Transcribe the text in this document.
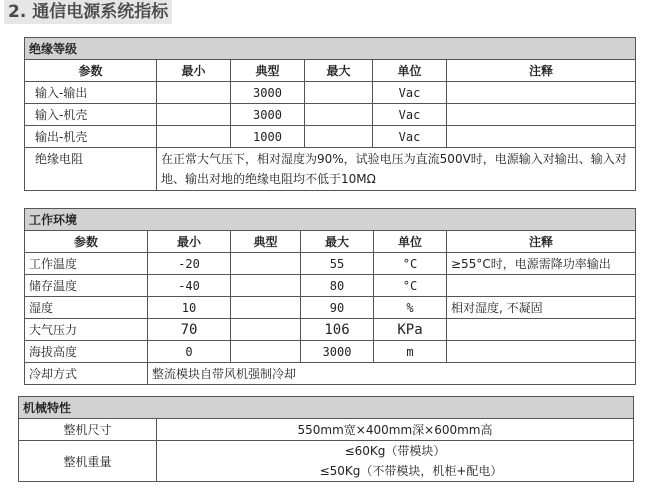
2. 通信电源系统指标
绝缘等级					
参数	最小	典型	最大	单位	注释
输入-输出		3000		Vac	
输入-机壳		3000		Vac	
输出-机壳		1000		Vac	
绝缘电阻	在正常大气压下，相对湿度为90%，试验电压为直流500V时，电源输入对输出、输入对地、输出对地的绝缘电阻均不低于10MΩ				
工作环境					
参数	最小	典型	最大	单位	注释
工作温度	-20		55	°C	≥55°C时，电源需降功率输出
储存温度	-40		80	°C	
湿度	10		90	%	相对湿度, 不凝固
大气压力	70		106	KPa	
海拔高度	0		3000	m	
冷却方式	整流模块自带风机强制冷却				
机械特性	
整机尺寸	550mm宽×400mm深×600mm高
整机重量	≤60Kg（带模块）
≤50Kg（不带模块，机柜+配电）
